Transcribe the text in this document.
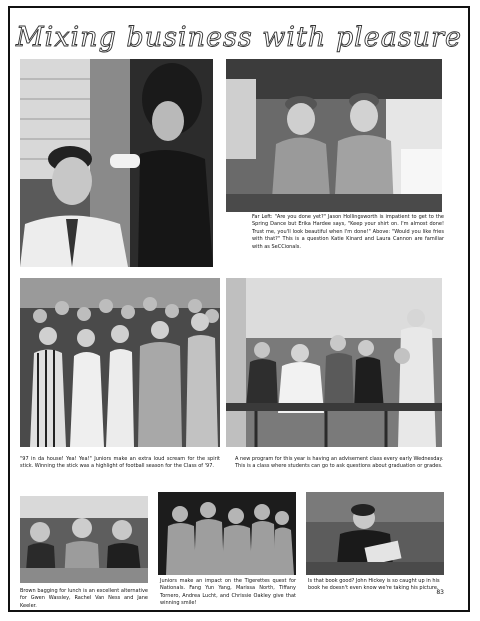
Mixing business with pleasure

Far Left: "Are you done yet?" Jason Hollingsworth is impatient to get to the Spring Dance but Erika Hardee says, "Keep your shirt on. I'm almost done! Trust me, you'll look beautiful when I'm done!" Above: "Would you like fries with that?" This is a question Katie Kinard and Laura Cannon are familiar with as SeCCionals.

"97 in da house! Yea! Yea!" Juniors make an extra loud scream for the spirit stick. Winning the stick was a highlight of football season for the Class of '97.

A new program for this year is having an advisement class every early Wednesday. This is a class where students can go to ask questions about graduation or grades.

Brown bagging for lunch is an excellent alternative for Gwen Wassley, Rachel Van Ness and Jane Keeler.

Juniors make an impact on the Tigerettes quest for Nationals. Fang Yun Yang, Marissa North, Tiffany Tornero, Andrea Lucht, and Chrissie Oakley give that winning smile!

Is that book good? John Hickey is so caught up in his book he doesn't even know we're taking his picture.

83
